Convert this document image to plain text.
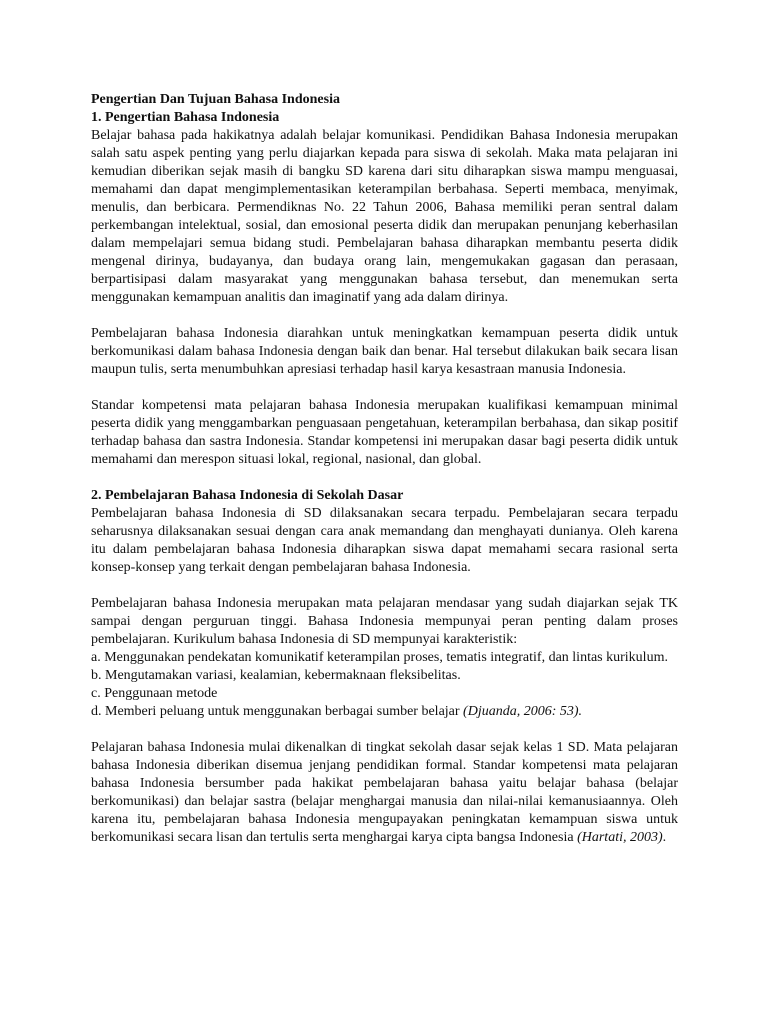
Pengertian Dan Tujuan Bahasa Indonesia

1. Pengertian Bahasa Indonesia

Belajar bahasa pada hakikatnya adalah belajar komunikasi. Pendidikan Bahasa Indonesia merupakan salah satu aspek penting yang perlu diajarkan kepada para siswa di sekolah. Maka mata pelajaran ini kemudian diberikan sejak masih di bangku SD karena dari situ diharapkan siswa mampu menguasai, memahami dan dapat mengimplementasikan keterampilan berbahasa. Seperti membaca, menyimak, menulis, dan berbicara. Permendiknas No. 22 Tahun 2006, Bahasa memiliki peran sentral dalam perkembangan intelektual, sosial, dan emosional peserta didik dan merupakan penunjang keberhasilan dalam mempelajari semua bidang studi. Pembelajaran bahasa diharapkan membantu peserta didik mengenal dirinya, budayanya, dan budaya orang lain, mengemukakan gagasan dan perasaan, berpartisipasi dalam masyarakat yang menggunakan bahasa tersebut, dan menemukan serta menggunakan kemampuan analitis dan imaginatif yang ada dalam dirinya.

Pembelajaran bahasa Indonesia diarahkan untuk meningkatkan kemampuan peserta didik untuk berkomunikasi dalam bahasa Indonesia dengan baik dan benar. Hal tersebut dilakukan baik secara lisan maupun tulis, serta menumbuhkan apresiasi terhadap hasil karya kesastraan manusia Indonesia.

Standar kompetensi mata pelajaran bahasa Indonesia merupakan kualifikasi kemampuan minimal peserta didik yang menggambarkan penguasaan pengetahuan, keterampilan berbahasa, dan sikap positif terhadap bahasa dan sastra Indonesia. Standar kompetensi ini merupakan dasar bagi peserta didik untuk memahami dan merespon situasi lokal, regional, nasional, dan global.

2. Pembelajaran Bahasa Indonesia di Sekolah Dasar

Pembelajaran bahasa Indonesia di SD dilaksanakan secara terpadu. Pembelajaran secara terpadu seharusnya dilaksanakan sesuai dengan cara anak memandang dan menghayati dunianya. Oleh karena itu dalam pembelajaran bahasa Indonesia diharapkan siswa dapat memahami secara rasional serta konsep-konsep yang terkait dengan pembelajaran bahasa Indonesia.

Pembelajaran bahasa Indonesia merupakan mata pelajaran mendasar yang sudah diajarkan sejak TK sampai dengan perguruan tinggi. Bahasa Indonesia mempunyai peran penting dalam proses pembelajaran. Kurikulum bahasa Indonesia di SD mempunyai karakteristik:

a. Menggunakan pendekatan komunikatif keterampilan proses, tematis integratif, dan lintas kurikulum.
b. Mengutamakan variasi, kealamian, kebermaknaan fleksibelitas.
c. Penggunaan metode
d. Memberi peluang untuk menggunakan berbagai sumber belajar (Djuanda, 2006: 53).

Pelajaran bahasa Indonesia mulai dikenalkan di tingkat sekolah dasar sejak kelas 1 SD. Mata pelajaran bahasa Indonesia diberikan disemua jenjang pendidikan formal. Standar kompetensi mata pelajaran bahasa Indonesia bersumber pada hakikat pembelajaran bahasa yaitu belajar bahasa (belajar berkomunikasi) dan belajar sastra (belajar menghargai manusia dan nilai-nilai kemanusiaannya. Oleh karena itu, pembelajaran bahasa Indonesia mengupayakan peningkatan kemampuan siswa untuk berkomunikasi secara lisan dan tertulis serta menghargai karya cipta bangsa Indonesia (Hartati, 2003).
